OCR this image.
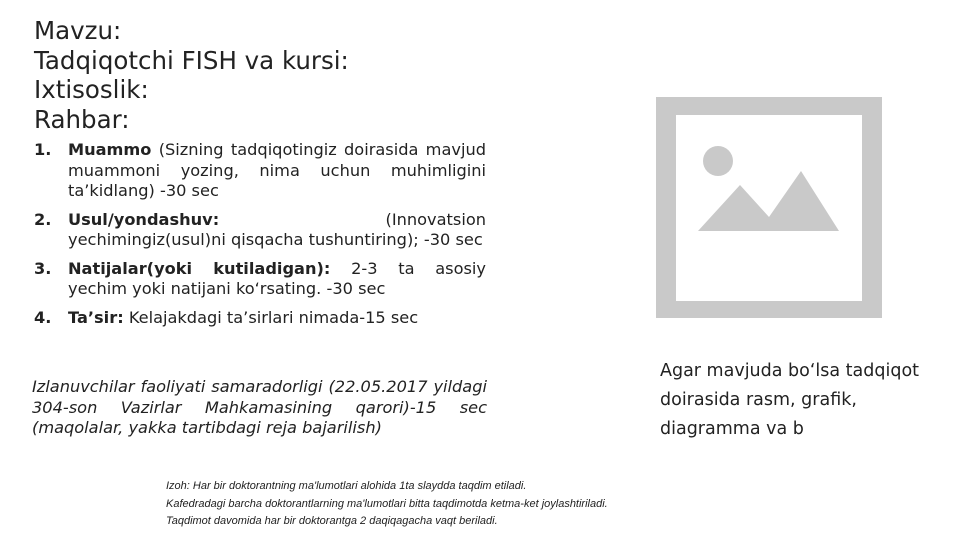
Mavzu:
Tadqiqotchi FISH va kursi:
Ixtisoslik:
Rahbar:
1. Muammo (Sizning tadqiqotingiz doirasida mavjud muammoni yozing, nima uchun muhimligini ta’kidlang) -30 sec
2. Usul/yondashuv: (Innovatsion yechimingiz(usul)ni qisqacha tushuntiring); -30 sec
3. Natijalar(yoki kutiladigan): 2-3 ta asosiy yechim yoki natijani ko‘rsating. -30 sec
4. Ta’sir: Kelajakdagi ta’sirlari nimada-15 sec
Izlanuvchilar faoliyati samaradorligi (22.05.2017 yildagi 304-son Vazirlar Mahkamasining qarori)-15 sec (maqolalar, yakka tartibdagi reja bajarilish)
Agar mavjuda bo‘lsa tadqiqot doirasida rasm, grafik, diagramma va b
Izoh: Har bir doktorantning ma'lumotlari alohida 1ta slaydda taqdim etiladi.
Kafedradagi barcha doktorantlarning ma'lumotlari bitta taqdimotda ketma-ket joylashtiriladi.
Taqdimot davomida har bir doktorantga 2 daqiqagacha vaqt beriladi.
